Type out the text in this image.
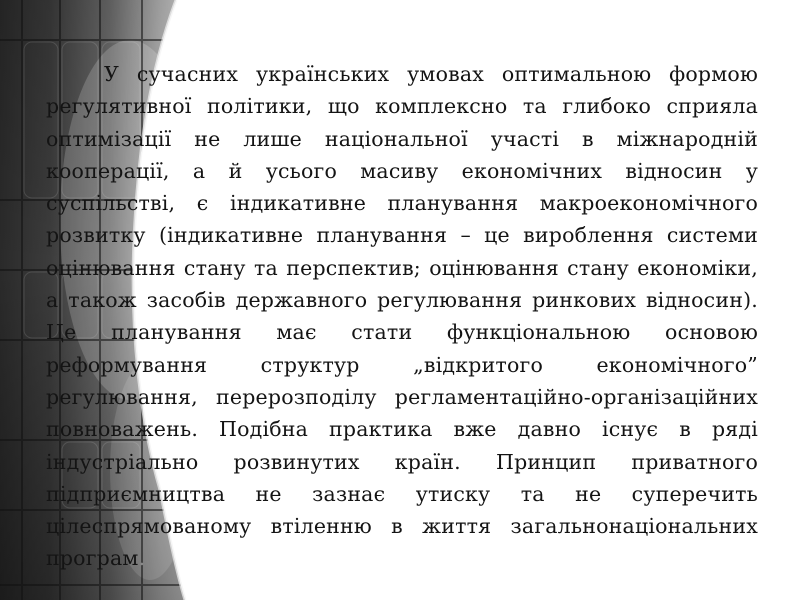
У сучасних українських умовах оптимальною формою регулятивної політики, що комплексно та глибоко сприяла оптимізації не лише національної участі в міжнародній кооперації, а й усього масиву економічних відносин у суспільстві, є індикативне планування макроекономічного розвитку (індикативне планування – це вироблення системи оцінювання стану та перспектив; оцінювання стану економіки, а також засобів державного регулювання ринкових відносин). Це планування має стати функціональною основою реформування структур „відкритого економічного” регулювання, перерозподілу регламентаційно-організаційних повноважень. Подібна практика вже давно існує в ряді індустріально розвинутих країн. Принцип приватного підприємництва не зазнає утиску та не суперечить цілеспрямованому втіленню в життя загальнонаціональних програм.
